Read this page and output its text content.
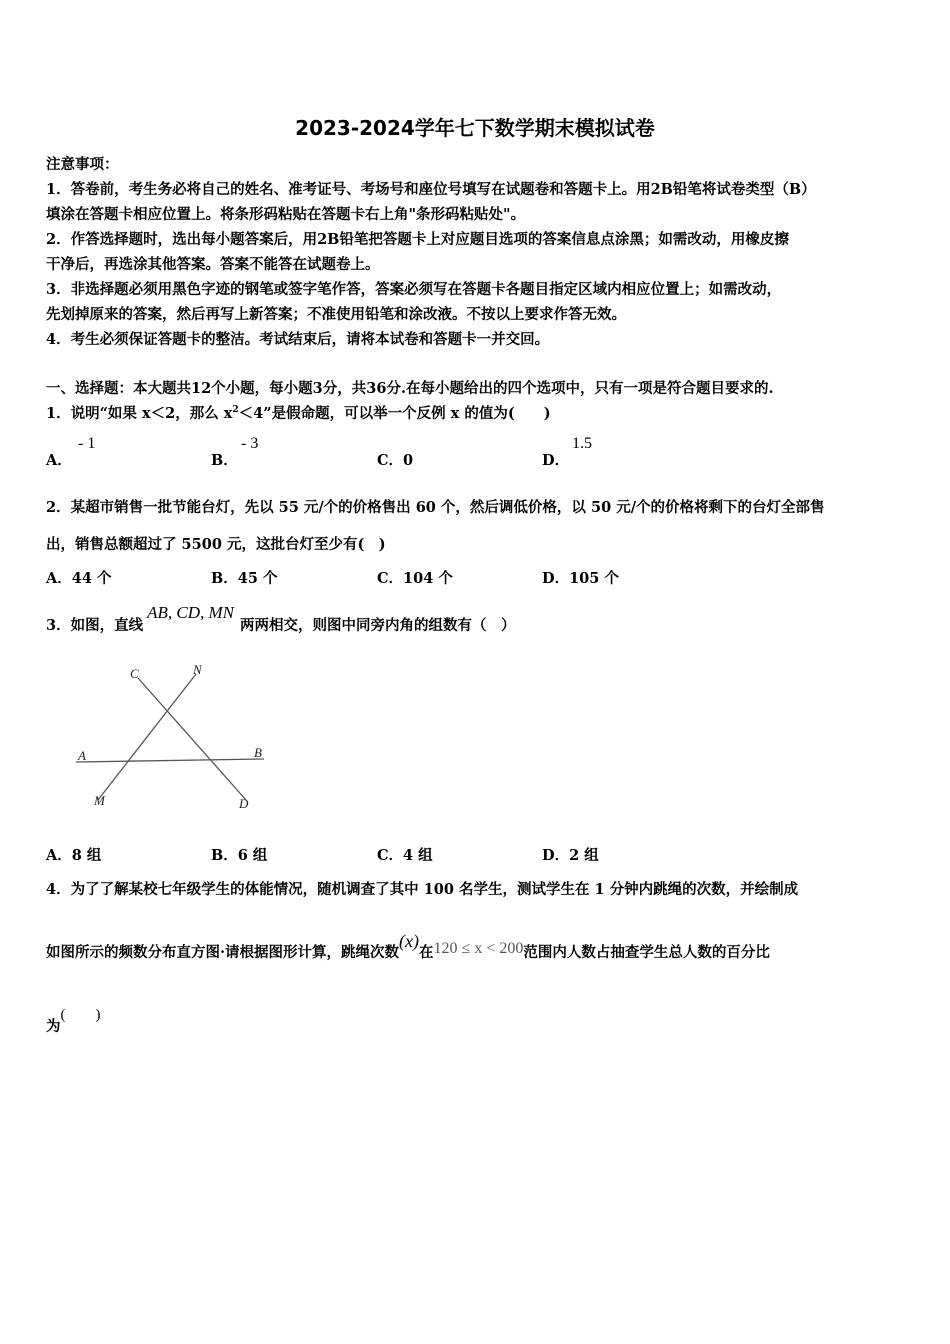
2023-2024学年七下数学期末模拟试卷
注意事项：
1．答卷前，考生务必将自己的姓名、准考证号、考场号和座位号填写在试题卷和答题卡上。用2B铅笔将试卷类型（B）
填涂在答题卡相应位置上。将条形码粘贴在答题卡右上角"条形码粘贴处"。
2．作答选择题时，选出每小题答案后，用2B铅笔把答题卡上对应题目选项的答案信息点涂黑；如需改动，用橡皮擦
干净后，再选涂其他答案。答案不能答在试题卷上。
3．非选择题必须用黑色字迹的钢笔或签字笔作答，答案必须写在答题卡各题目指定区域内相应位置上；如需改动，
先划掉原来的答案，然后再写上新答案；不准使用铅笔和涂改液。不按以上要求作答无效。
4．考生必须保证答题卡的整洁。考试结束后，请将本试卷和答题卡一并交回。
一、选择题：本大题共12个小题，每小题3分，共36分.在每小题给出的四个选项中，只有一项是符合题目要求的.
1．说明“如果 x＜2，那么 $x^2<4$”是假命题，可以举一个反例 x 的值为(　　)
A．
- 1
B．
- 3
C．0	D．
1.5
2．某超市销售一批节能台灯，先以 55 元/个的价格售出 60 个，然后调低价格，以 50 元/个的价格将剩下的台灯全部售
出，销售总额超过了 5500 元，这批台灯至少有(　)
A．44 个	B．45 个	C．104 个	D．105 个
3．如图，直线AB, CD, MN两两相交，则图中同旁内角的组数有（　）
C	N
A	B
M	D
A．8 组	B．6 组	C．4 组	D．2 组
4．为了了解某校七年级学生的体能情况，随机调查了其中 100 名学生，测试学生在 1 分钟内跳绳的次数，并绘制成
如图所示的频数分布直方图·请根据图形计算，跳绳次数(x)在120 ≤ x < 200范围内人数占抽查学生总人数的百分比
为(　　)
